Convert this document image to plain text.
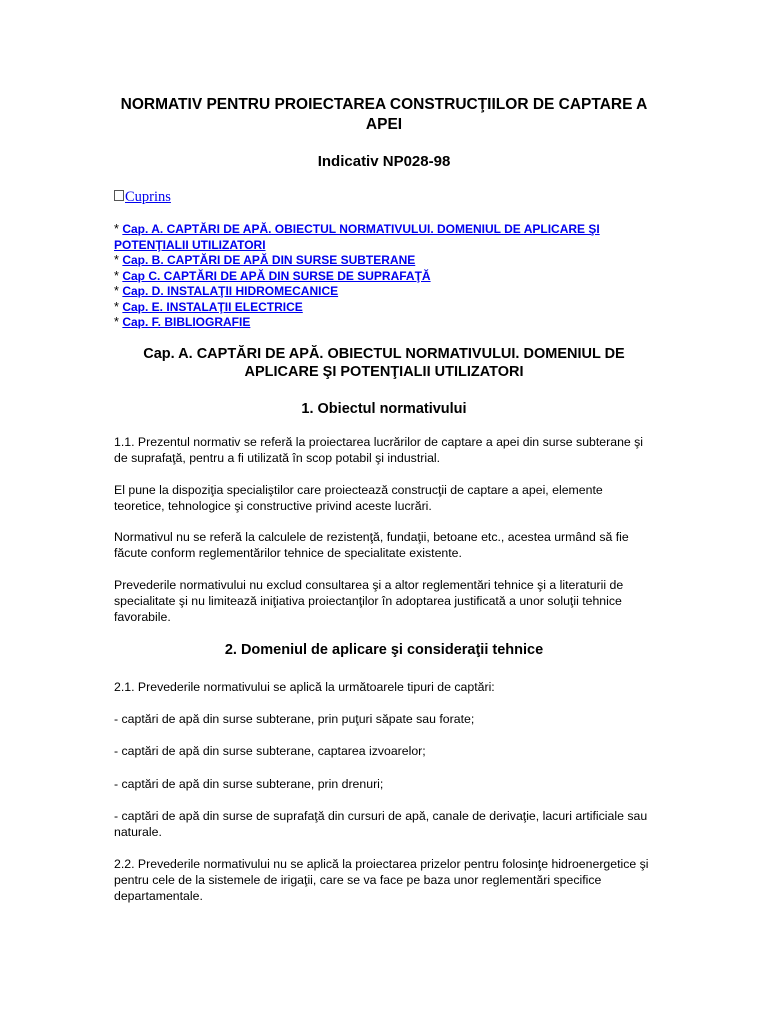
NORMATIV PENTRU PROIECTAREA CONSTRUCŢIILOR DE CAPTARE A APEI
Indicativ NP028-98
Cuprins
* Cap. A. CAPTĂRI DE APĂ. OBIECTUL NORMATIVULUI. DOMENIUL DE APLICARE ŞI POTENŢIALII UTILIZATORI
* Cap. B. CAPTĂRI DE APĂ DIN SURSE SUBTERANE
* Cap C. CAPTĂRI DE APĂ DIN SURSE DE SUPRAFAŢĂ
* Cap. D. INSTALAŢII HIDROMECANICE
* Cap. E. INSTALAŢII ELECTRICE
* Cap. F. BIBLIOGRAFIE
Cap. A. CAPTĂRI DE APĂ. OBIECTUL NORMATIVULUI. DOMENIUL DE APLICARE ŞI POTENŢIALII UTILIZATORI
1. Obiectul normativului

1.1. Prezentul normativ se referă la proiectarea lucrărilor de captare a apei din surse subterane şi de suprafaţă, pentru a fi utilizată în scop potabil şi industrial.

El pune la dispoziţia specialiştilor care proiectează construcţii de captare a apei, elemente teoretice, tehnologice şi constructive privind aceste lucrări.

Normativul nu se referă la calculele de rezistenţă, fundaţii, betoane etc., acestea urmând să fie făcute conform reglementărilor tehnice de specialitate existente.

Prevederile normativului nu exclud consultarea şi a altor reglementări tehnice şi a literaturii de specialitate şi nu limitează iniţiativa proiectanţilor în adoptarea justificată a unor soluţii tehnice favorabile.

2. Domeniul de aplicare şi consideraţii tehnice

2.1. Prevederile normativului se aplică la următoarele tipuri de captări:

- captări de apă din surse subterane, prin puţuri săpate sau forate;

- captări de apă din surse subterane, captarea izvoarelor;

- captări de apă din surse subterane, prin drenuri;

- captări de apă din surse de suprafaţă din cursuri de apă, canale de derivaţie, lacuri artificiale sau naturale.

2.2. Prevederile normativului nu se aplică la proiectarea prizelor pentru folosinţe hidroenergetice şi pentru cele de la sistemele de irigaţii, care se va face pe baza unor reglementări specifice departamentale.
